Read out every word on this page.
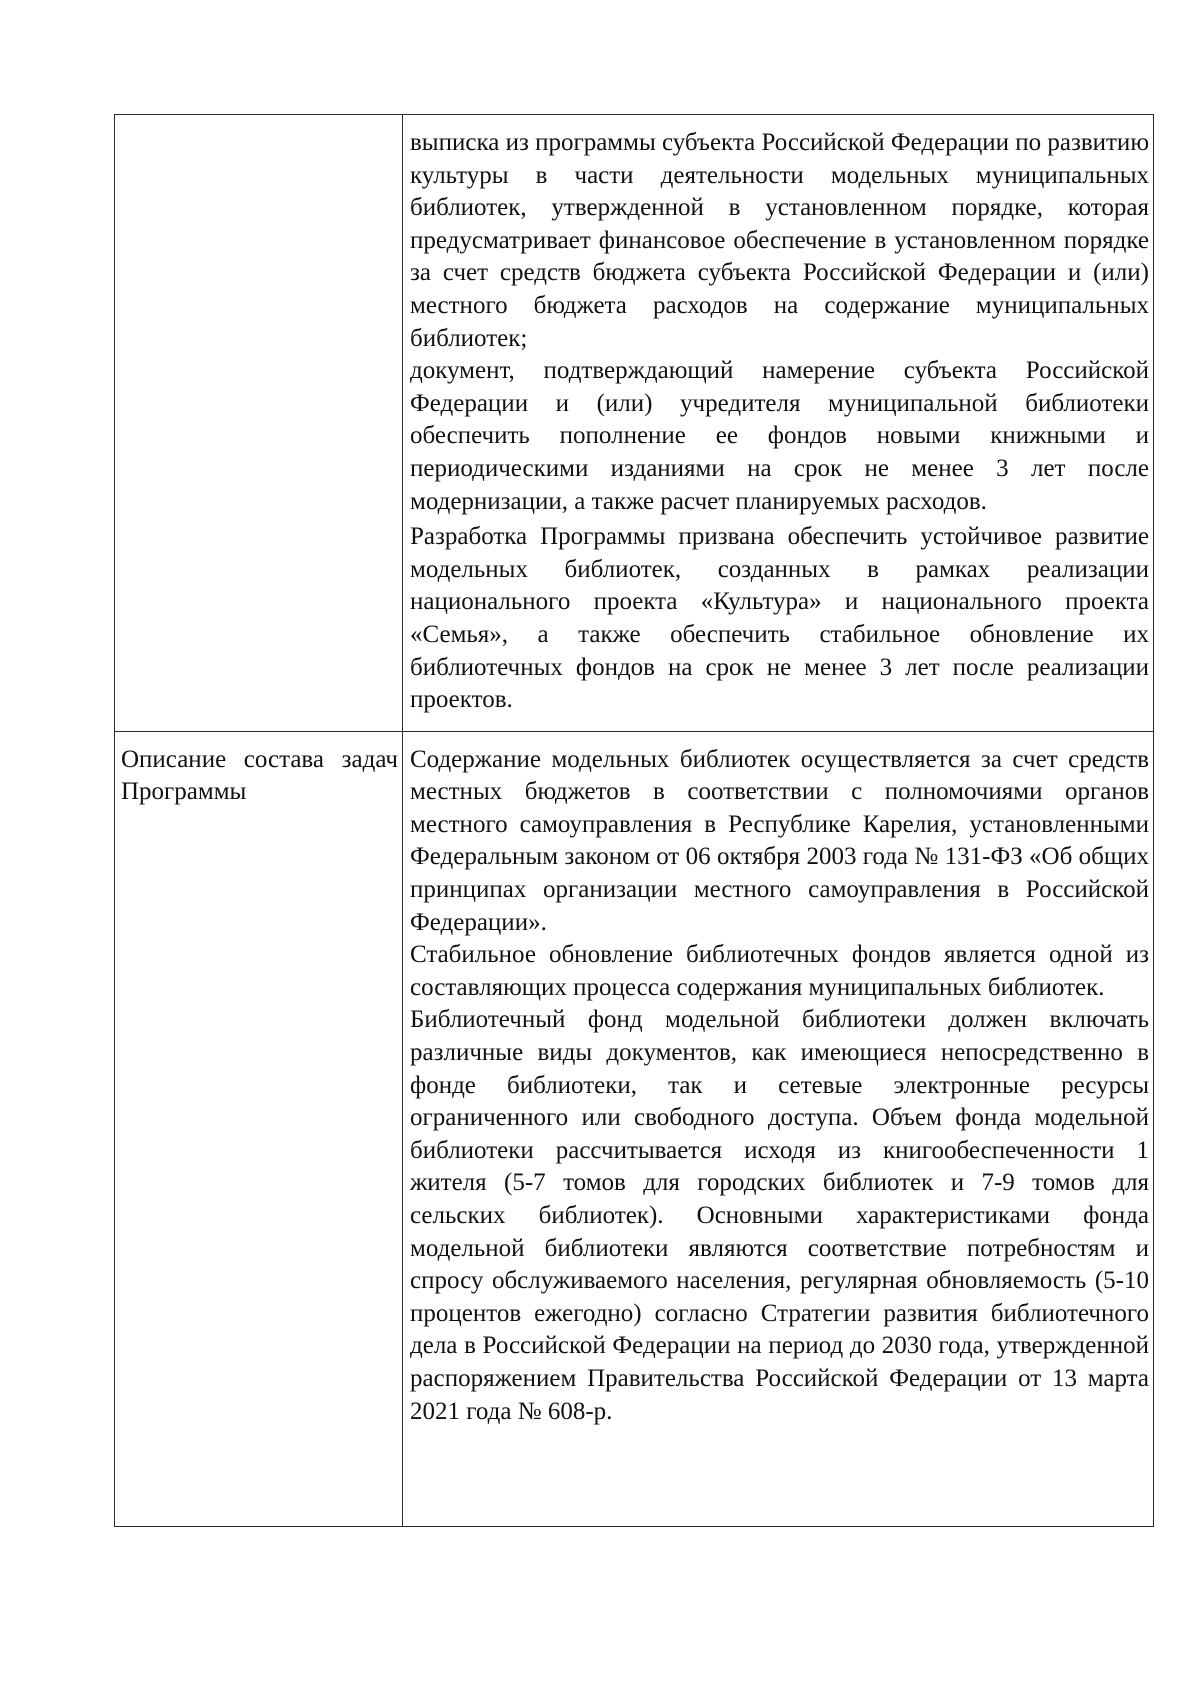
	выписка из программы субъекта Российской Федерации по развитию культуры в части деятельности модельных муниципальных библиотек, утвержденной в установленном порядке, которая предусматривает финансовое обеспечение в установленном порядке за счет средств бюджета субъекта Российской Федерации и (или) местного бюджета расходов на содержание муниципальных библиотек;

документ, подтверждающий намерение субъекта Российской Федерации и (или) учредителя муниципальной библиотеки обеспечить пополнение ее фондов новыми книжными и периодическими изданиями на срок не менее 3 лет после модернизации, а также расчет планируемых расходов.

Разработка Программы призвана обеспечить устойчивое развитие модельных библиотек, созданных в рамках реализации национального проекта «Культура» и национального проекта «Семья», а также обеспечить стабильное обновление их библиотечных фондов на срок не менее 3 лет после реализации проектов.

Описание состава задач Программы	Содержание модельных библиотек осуществляется за счет средств местных бюджетов в соответствии с полномочиями органов местного самоуправления в Республике Карелия, установленными Федеральным законом от 06 октября 2003 года № 131-ФЗ «Об общих принципах организации местного самоуправления в Российской Федерации».

Стабильное обновление библиотечных фондов является одной из составляющих процесса содержания муниципальных библиотек.

Библиотечный фонд модельной библиотеки должен включать различные виды документов, как имеющиеся непосредственно в фонде библиотеки, так и сетевые электронные ресурсы ограниченного или свободного доступа. Объем фонда модельной библиотеки рассчитывается исходя из книгообеспеченности 1 жителя (5-7 томов для городских библиотек и 7-9 томов для сельских библиотек). Основными характеристиками фонда модельной библиотеки являются соответствие потребностям и спросу обслуживаемого населения, регулярная обновляемость (5-10 процентов ежегодно) согласно Стратегии развития библиотечного дела в Российской Федерации на период до 2030 года, утвержденной распоряжением Правительства Российской Федерации от 13 марта 2021 года № 608-р.
